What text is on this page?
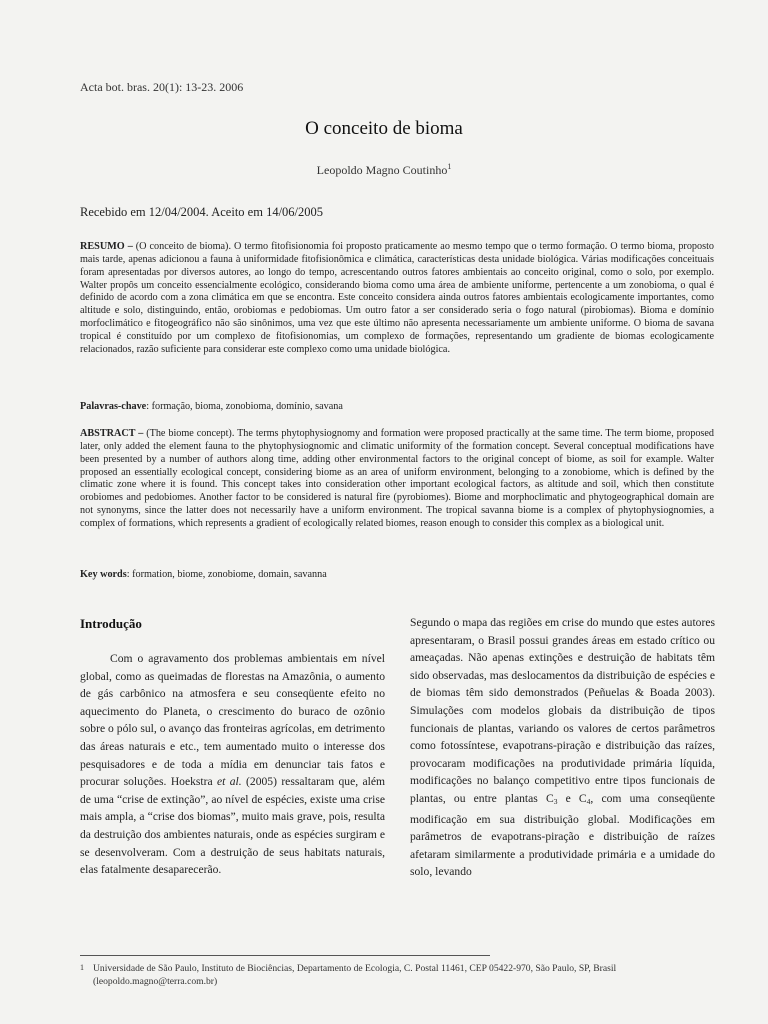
Acta bot. bras. 20(1): 13-23. 2006
O conceito de bioma
Leopoldo Magno Coutinho$^1$
Recebido em 12/04/2004. Aceito em 14/06/2005
RESUMO – (O conceito de bioma). O termo fitofisionomia foi proposto praticamente ao mesmo tempo que o termo formação. O termo bioma, proposto mais tarde, apenas adicionou a fauna à uniformidade fitofisionômica e climática, características desta unidade biológica. Várias modificações conceituais foram apresentadas por diversos autores, ao longo do tempo, acrescentando outros fatores ambientais ao conceito original, como o solo, por exemplo. Walter propôs um conceito essencialmente ecológico, considerando bioma como uma área de ambiente uniforme, pertencente a um zonobioma, o qual é definido de acordo com a zona climática em que se encontra. Este conceito considera ainda outros fatores ambientais ecologicamente importantes, como altitude e solo, distinguindo, então, orobiomas e pedobiomas. Um outro fator a ser considerado seria o fogo natural (pirobiomas). Bioma e domínio morfoclimático e fitogeográfico não são sinônimos, uma vez que este último não apresenta necessariamente um ambiente uniforme. O bioma de savana tropical é constituído por um complexo de fitofisionomias, um complexo de formações, representando um gradiente de biomas ecologicamente relacionados, razão suficiente para considerar este complexo como uma unidade biológica.
Palavras-chave: formação, bioma, zonobioma, domínio, savana
ABSTRACT – (The biome concept). The terms phytophysiognomy and formation were proposed practically at the same time. The term biome, proposed later, only added the element fauna to the phytophysiognomic and climatic uniformity of the formation concept. Several conceptual modifications have been presented by a number of authors along time, adding other environmental factors to the original concept of biome, as soil for example. Walter proposed an essentially ecological concept, considering biome as an area of uniform environment, belonging to a zonobiome, which is defined by the climatic zone where it is found. This concept takes into consideration other important ecological factors, as altitude and soil, which then constitute orobiomes and pedobiomes. Another factor to be considered is natural fire (pyrobiomes). Biome and morphoclimatic and phytogeographical domain are not synonyms, since the latter does not necessarily have a uniform environment. The tropical savanna biome is a complex of phytophysiognomies, a complex of formations, which represents a gradient of ecologically related biomes, reason enough to consider this complex as a biological unit.
Key words: formation, biome, zonobiome, domain, savanna
Introdução

Com o agravamento dos problemas ambientais em nível global, como as queimadas de florestas na Amazônia, o aumento de gás carbônico na atmosfera e seu conseqüente efeito no aquecimento do Planeta, o crescimento do buraco de ozônio sobre o pólo sul, o avanço das fronteiras agrícolas, em detrimento das áreas naturais e etc., tem aumentado muito o interesse dos pesquisadores e de toda a mídia em denunciar tais fatos e procurar soluções. Hoekstra et al. (2005) ressaltaram que, além de uma “crise de extinção”, ao nível de espécies, existe uma crise mais ampla, a “crise dos biomas”, muito mais grave, pois, resulta da destruição dos ambientes naturais, onde as espécies surgiram e se desenvolveram. Com a destruição de seus habitats naturais, elas fatalmente desaparecerão.

Segundo o mapa das regiões em crise do mundo que estes autores apresentaram, o Brasil possui grandes áreas em estado crítico ou ameaçadas. Não apenas extinções e destruição de habitats têm sido observadas, mas deslocamentos da distribuição de espécies e de biomas têm sido demonstrados (Peñuelas & Boada 2003). Simulações com modelos globais da distribuição de tipos funcionais de plantas, variando os valores de certos parâmetros como fotossíntese, evapotrans-piração e distribuição das raízes, provocaram modificações na produtividade primária líquida, modificações no balanço competitivo entre tipos funcionais de plantas, ou entre plantas $C_3$ e $C_4$, com uma conseqüente modificação em sua distribuição global. Modificações em parâmetros de evapotrans-piração e distribuição de raízes afetaram similarmente a produtividade primária e a umidade do solo, levando

1 Universidade de São Paulo, Instituto de Biociências, Departamento de Ecologia, C. Postal 11461, CEP 05422-970, São Paulo, SP, Brasil (leopoldo.magno@terra.com.br)
